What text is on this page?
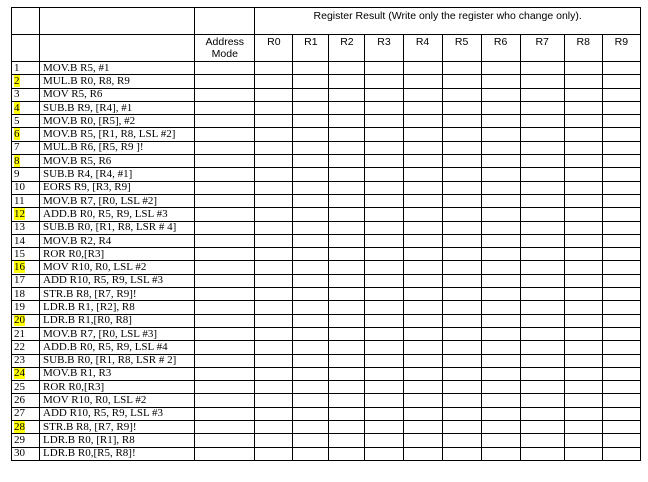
			Register Result (Write only the register who change only).									
		Address Mode	R0	R1	R2	R3	R4	R5	R6	R7	R8	R9
1	MOV.B R5, #1											
2	MUL.B R0, R8, R9											
3	MOV R5, R6											
4	SUB.B R9, [R4], #1											
5	MOV.B R0, [R5], #2											
6	MOV.B R5, [R1, R8, LSL #2]											
7	MUL.B R6, [R5, R9 ]!											
8	MOV.B R5, R6											
9	SUB.B R4, [R4, #1]											
10	EORS R9, [R3, R9]											
11	MOV.B R7, [R0, LSL #2]											
12	ADD.B R0, R5, R9, LSL #3											
13	SUB.B R0, [R1, R8, LSR # 4]											
14	MOV.B R2, R4											
15	ROR R0,[R3]											
16	MOV R10, R0, LSL #2											
17	ADD R10, R5, R9, LSL #3											
18	STR.B R8, [R7, R9]!											
19	LDR.B R1, [R2], R8											
20	LDR.B R1,[R0, R8]											
21	MOV.B R7, [R0, LSL #3]											
22	ADD.B R0, R5, R9, LSL #4											
23	SUB.B R0, [R1, R8, LSR # 2]											
24	MOV.B R1, R3											
25	ROR R0,[R3]											
26	MOV R10, R0, LSL #2											
27	ADD R10, R5, R9, LSL #3											
28	STR.B R8, [R7, R9]!											
29	LDR.B R0, [R1], R8											
30	LDR.B R0,[R5, R8]!											
